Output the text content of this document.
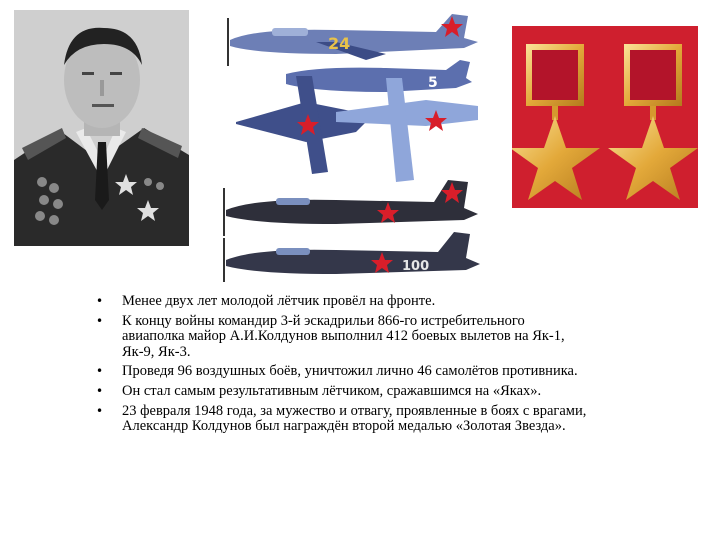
24
5
100
• Менее двух лет молодой лётчик провёл на фронте.
• К концу войны командир 3-й эскадрильи 866-го истребительного авиаполка майор А.И.Колдунов выполнил 412 боевых вылетов на Як-1, Як-9, Як-3.
• Проведя 96 воздушных боёв, уничтожил лично 46 самолётов противника.
• Он стал самым результативным лётчиком, сражавшимся на «Яках».
• 23 февраля 1948 года, за мужество и отвагу, проявленные в боях с врагами, Александр Колдунов был награждён второй медалью «Золотая Звезда».
